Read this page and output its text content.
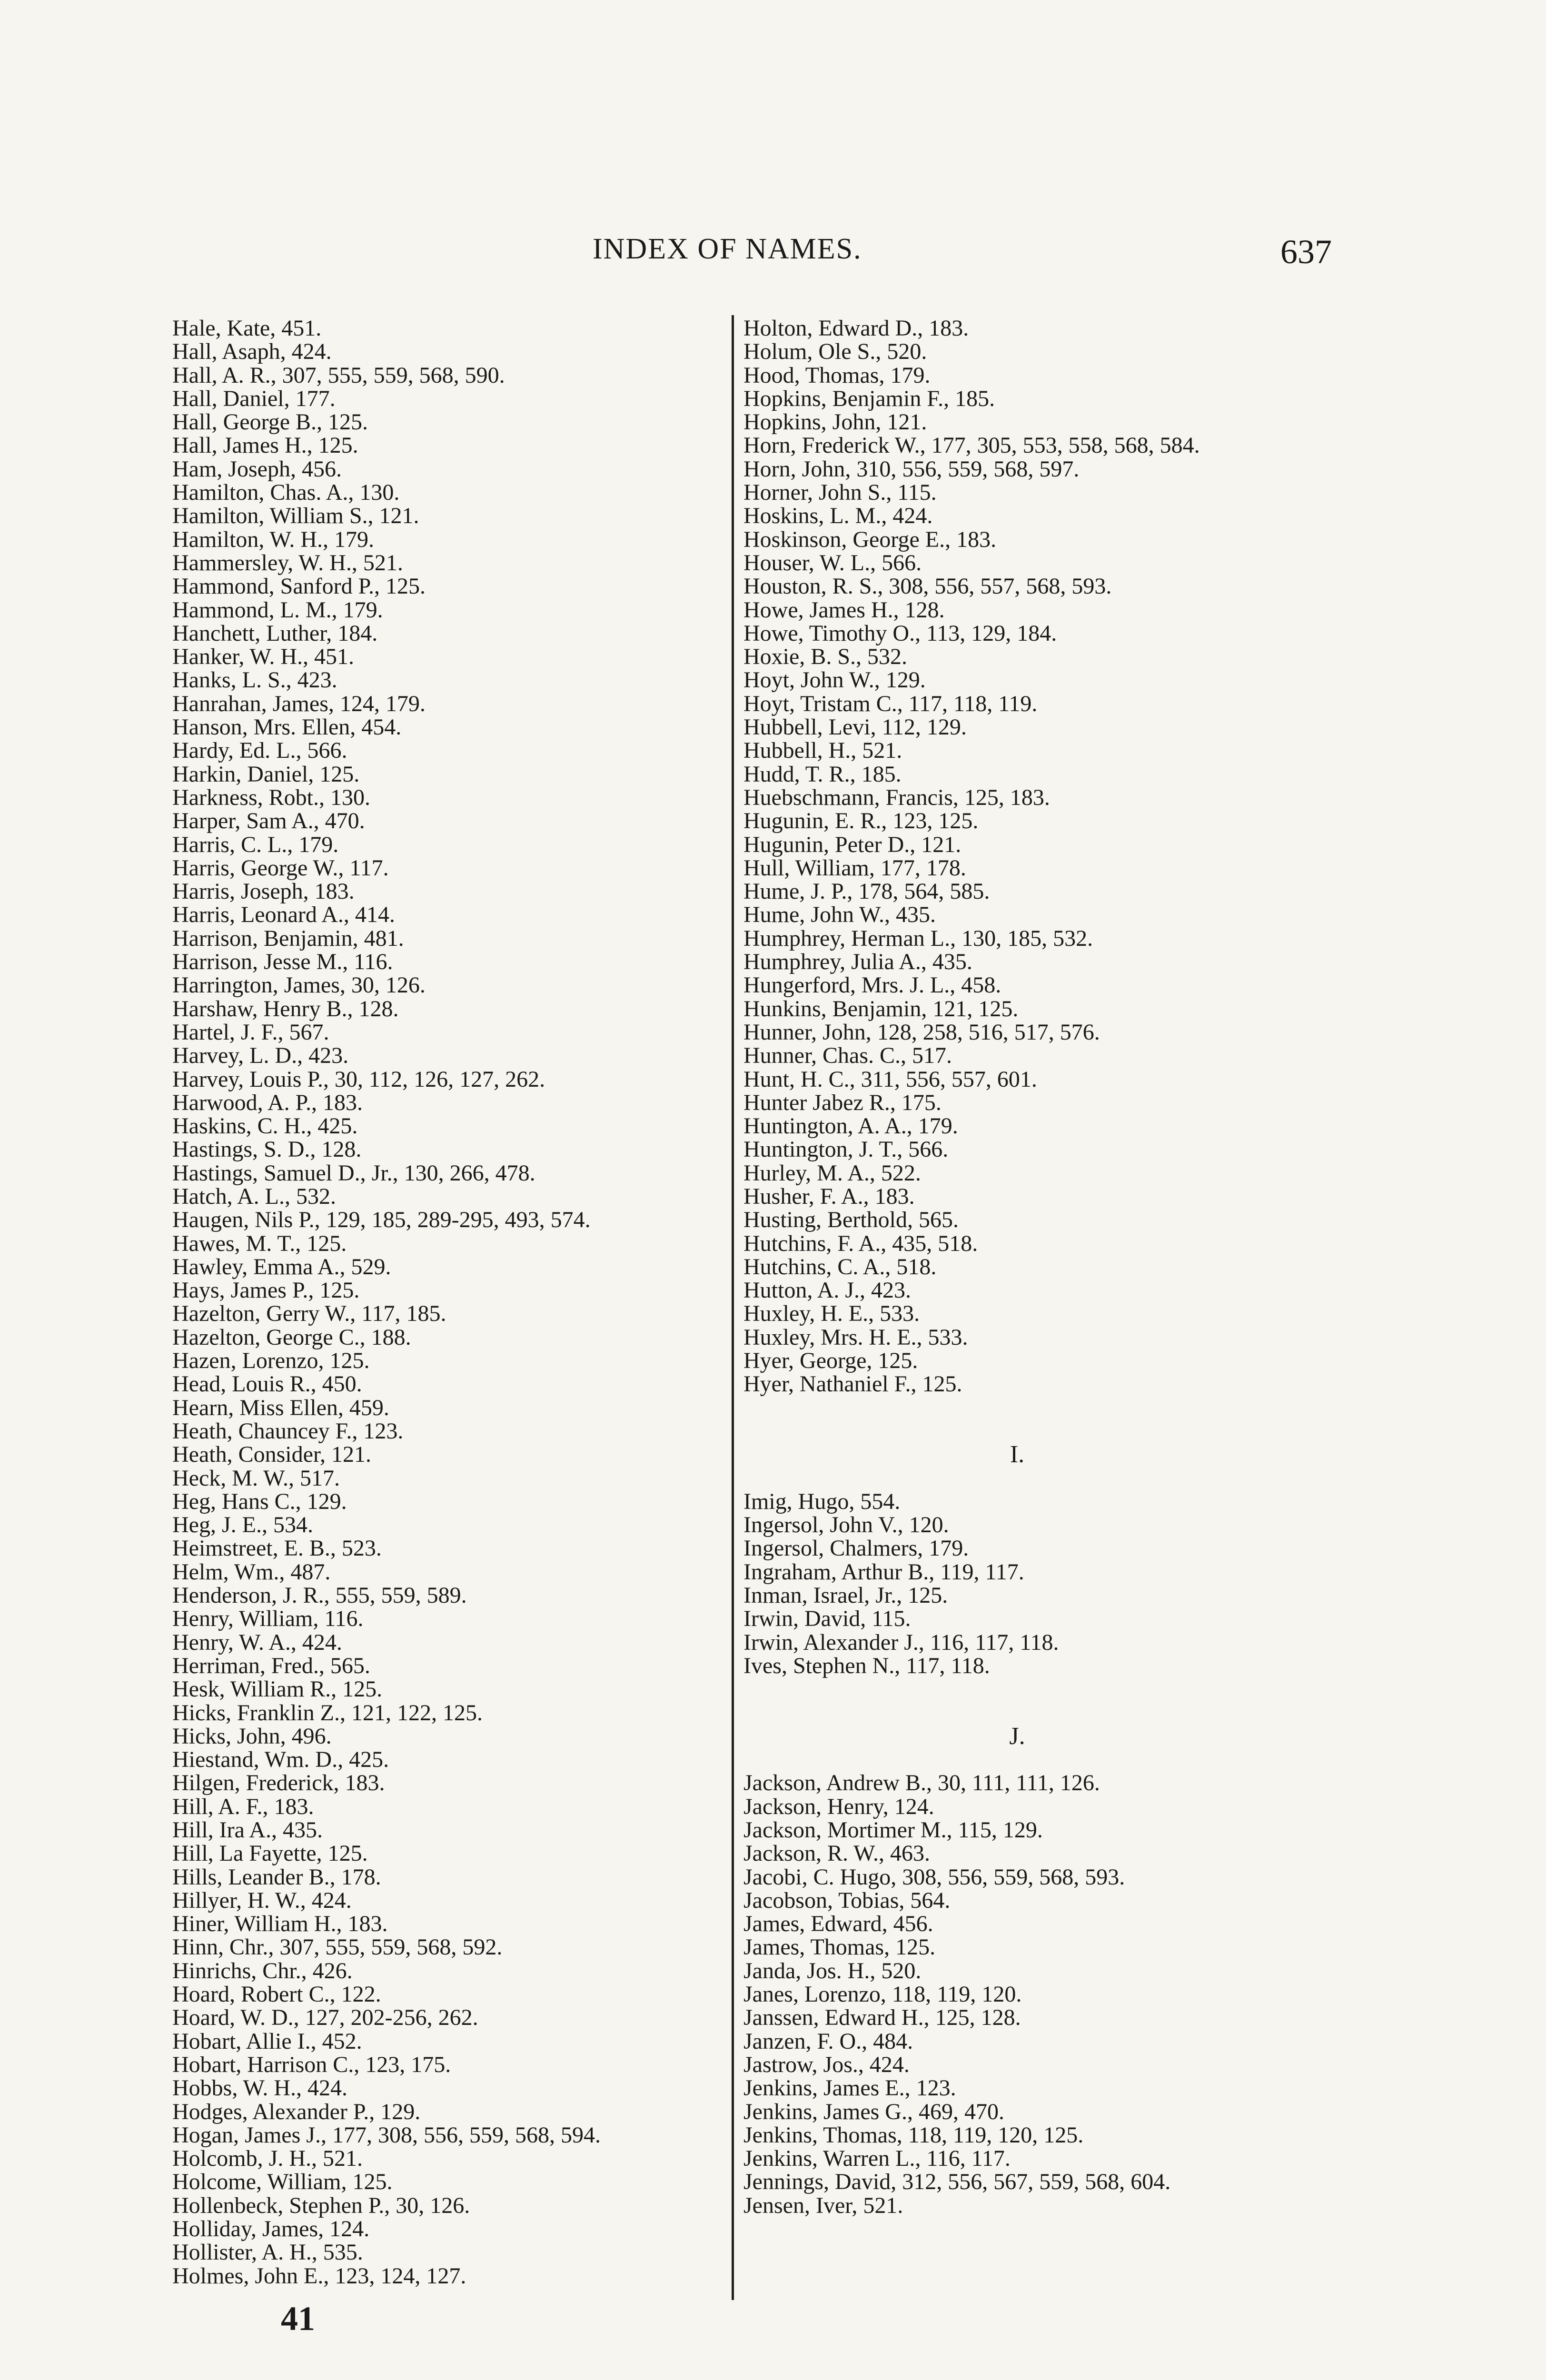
INDEX OF NAMES.	637
Hale, Kate, 451.
Hall, Asaph, 424.
Hall, A. R., 307, 555, 559, 568, 590.
Hall, Daniel, 177.
Hall, George B., 125.
Hall, James H., 125.
Ham, Joseph, 456.
Hamilton, Chas. A., 130.
Hamilton, William S., 121.
Hamilton, W. H., 179.
Hammersley, W. H., 521.
Hammond, Sanford P., 125.
Hammond, L. M., 179.
Hanchett, Luther, 184.
Hanker, W. H., 451.
Hanks, L. S., 423.
Hanrahan, James, 124, 179.
Hanson, Mrs. Ellen, 454.
Hardy, Ed. L., 566.
Harkin, Daniel, 125.
Harkness, Robt., 130.
Harper, Sam A., 470.
Harris, C. L., 179.
Harris, George W., 117.
Harris, Joseph, 183.
Harris, Leonard A., 414.
Harrison, Benjamin, 481.
Harrison, Jesse M., 116.
Harrington, James, 30, 126.
Harshaw, Henry B., 128.
Hartel, J. F., 567.
Harvey, L. D., 423.
Harvey, Louis P., 30, 112, 126, 127, 262.
Harwood, A. P., 183.
Haskins, C. H., 425.
Hastings, S. D., 128.
Hastings, Samuel D., Jr., 130, 266, 478.
Hatch, A. L., 532.
Haugen, Nils P., 129, 185, 289-295, 493, 574.
Hawes, M. T., 125.
Hawley, Emma A., 529.
Hays, James P., 125.
Hazelton, Gerry W., 117, 185.
Hazelton, George C., 188.
Hazen, Lorenzo, 125.
Head, Louis R., 450.
Hearn, Miss Ellen, 459.
Heath, Chauncey F., 123.
Heath, Consider, 121.
Heck, M. W., 517.
Heg, Hans C., 129.
Heg, J. E., 534.
Heimstreet, E. B., 523.
Helm, Wm., 487.
Henderson, J. R., 555, 559, 589.
Henry, William, 116.
Henry, W. A., 424.
Herriman, Fred., 565.
Hesk, William R., 125.
Hicks, Franklin Z., 121, 122, 125.
Hicks, John, 496.
Hiestand, Wm. D., 425.
Hilgen, Frederick, 183.
Hill, A. F., 183.
Hill, Ira A., 435.
Hill, La Fayette, 125.
Hills, Leander B., 178.
Hillyer, H. W., 424.
Hiner, William H., 183.
Hinn, Chr., 307, 555, 559, 568, 592.
Hinrichs, Chr., 426.
Hoard, Robert C., 122.
Hoard, W. D., 127, 202-256, 262.
Hobart, Allie I., 452.
Hobart, Harrison C., 123, 175.
Hobbs, W. H., 424.
Hodges, Alexander P., 129.
Hogan, James J., 177, 308, 556, 559, 568, 594.
Holcomb, J. H., 521.
Holcome, William, 125.
Hollenbeck, Stephen P., 30, 126.
Holliday, James, 124.
Hollister, A. H., 535.
Holmes, John E., 123, 124, 127.
Holton, Edward D., 183.
Holum, Ole S., 520.
Hood, Thomas, 179.
Hopkins, Benjamin F., 185.
Hopkins, John, 121.
Horn, Frederick W., 177, 305, 553, 558, 568, 584.
Horn, John, 310, 556, 559, 568, 597.
Horner, John S., 115.
Hoskins, L. M., 424.
Hoskinson, George E., 183.
Houser, W. L., 566.
Houston, R. S., 308, 556, 557, 568, 593.
Howe, James H., 128.
Howe, Timothy O., 113, 129, 184.
Hoxie, B. S., 532.
Hoyt, John W., 129.
Hoyt, Tristam C., 117, 118, 119.
Hubbell, Levi, 112, 129.
Hubbell, H., 521.
Hudd, T. R., 185.
Huebschmann, Francis, 125, 183.
Hugunin, E. R., 123, 125.
Hugunin, Peter D., 121.
Hull, William, 177, 178.
Hume, J. P., 178, 564, 585.
Hume, John W., 435.
Humphrey, Herman L., 130, 185, 532.
Humphrey, Julia A., 435.
Hungerford, Mrs. J. L., 458.
Hunkins, Benjamin, 121, 125.
Hunner, John, 128, 258, 516, 517, 576.
Hunner, Chas. C., 517.
Hunt, H. C., 311, 556, 557, 601.
Hunter Jabez R., 175.
Huntington, A. A., 179.
Huntington, J. T., 566.
Hurley, M. A., 522.
Husher, F. A., 183.
Husting, Berthold, 565.
Hutchins, F. A., 435, 518.
Hutchins, C. A., 518.
Hutton, A. J., 423.
Huxley, H. E., 533.
Huxley, Mrs. H. E., 533.
Hyer, George, 125.
Hyer, Nathaniel F., 125.
I.
Imig, Hugo, 554.
Ingersol, John V., 120.
Ingersol, Chalmers, 179.
Ingraham, Arthur B., 119, 117.
Inman, Israel, Jr., 125.
Irwin, David, 115.
Irwin, Alexander J., 116, 117, 118.
Ives, Stephen N., 117, 118.
J.
Jackson, Andrew B., 30, 111, 111, 126.
Jackson, Henry, 124.
Jackson, Mortimer M., 115, 129.
Jackson, R. W., 463.
Jacobi, C. Hugo, 308, 556, 559, 568, 593.
Jacobson, Tobias, 564.
James, Edward, 456.
James, Thomas, 125.
Janda, Jos. H., 520.
Janes, Lorenzo, 118, 119, 120.
Janssen, Edward H., 125, 128.
Janzen, F. O., 484.
Jastrow, Jos., 424.
Jenkins, James E., 123.
Jenkins, James G., 469, 470.
Jenkins, Thomas, 118, 119, 120, 125.
Jenkins, Warren L., 116, 117.
Jennings, David, 312, 556, 567, 559, 568, 604.
Jensen, Iver, 521.
41
